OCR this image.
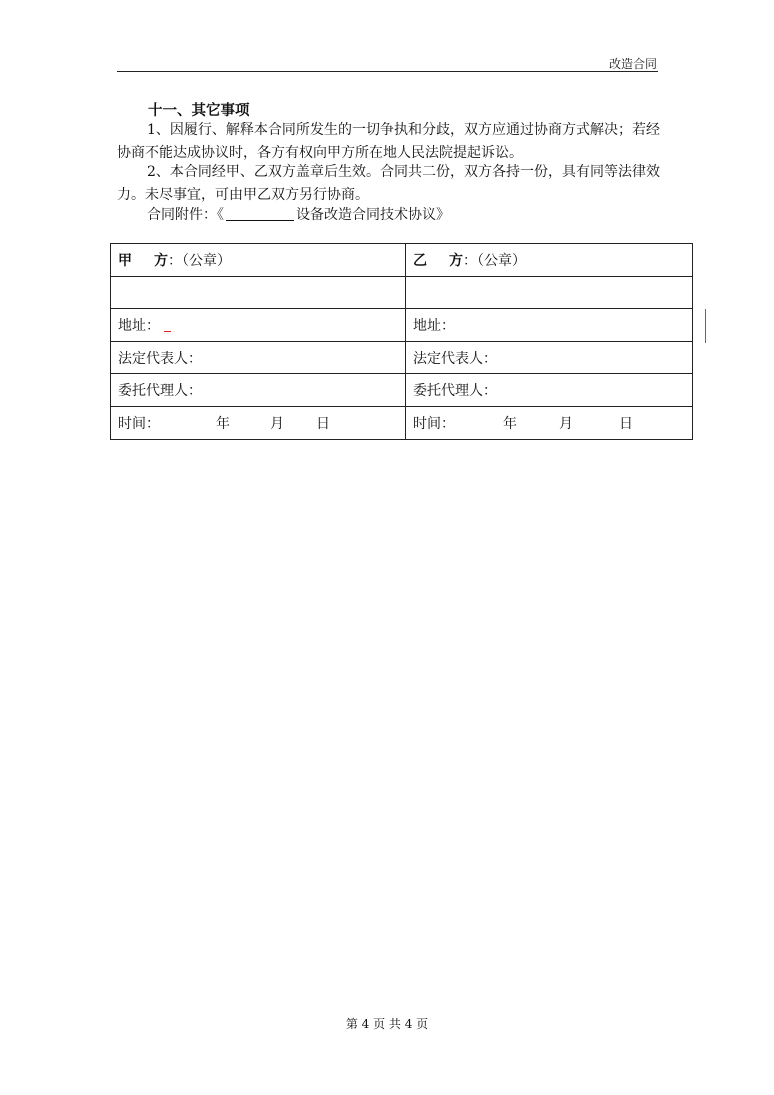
改造合同
十一、其它事项
1、因履行、解释本合同所发生的一切争执和分歧，双方应通过协商方式解决；若经协商不能达成协议时，各方有权向甲方所在地人民法院提起诉讼。
2、本合同经甲、乙双方盖章后生效。合同共二份，双方各持一份，具有同等法律效力。未尽事宜，可由甲乙双方另行协商。
合同附件：《	设备改造合同技术协议》
甲 方：（公章）	乙 方：（公章）

地址：	地址：
法定代表人：	法定代表人：
委托代理人：	委托代理人：
时间： 年 月 日	时间： 年 月 日
第 4 页 共 4 页
